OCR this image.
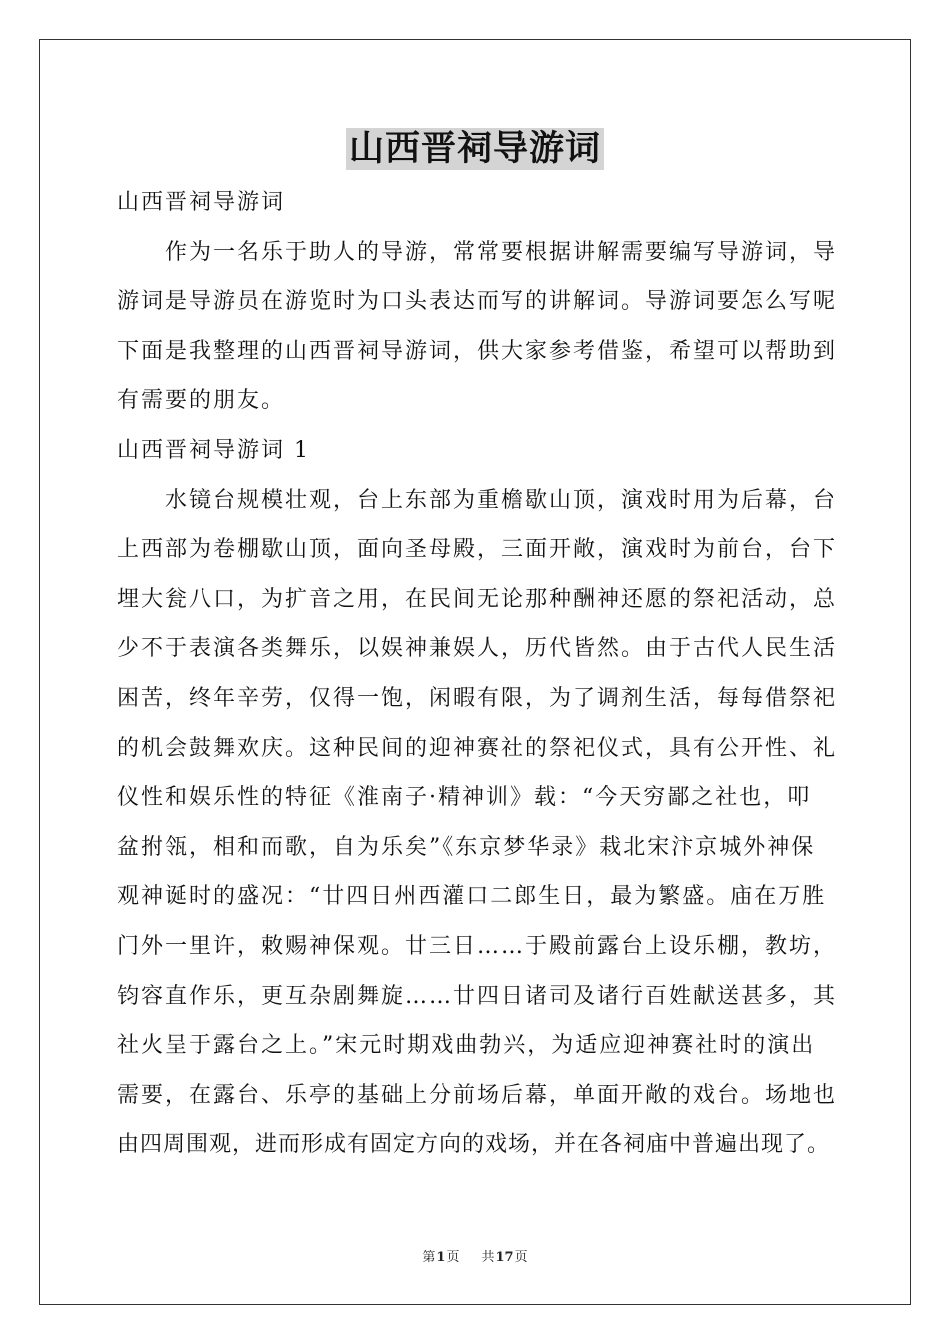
山西晋祠导游词
山西晋祠导游词
作为一名乐于助人的导游，常常要根据讲解需要编写导游词，导
游词是导游员在游览时为口头表达而写的讲解词。导游词要怎么写呢
下面是我整理的山西晋祠导游词，供大家参考借鉴，希望可以帮助到
有需要的朋友。
山西晋祠导游词 1
水镜台规模壮观，台上东部为重檐歇山顶，演戏时用为后幕，台
上西部为卷棚歇山顶，面向圣母殿，三面开敞，演戏时为前台，台下
埋大瓮八口，为扩音之用，在民间无论那种酬神还愿的祭祀活动，总
少不于表演各类舞乐，以娱神兼娱人，历代皆然。由于古代人民生活
困苦，终年辛劳，仅得一饱，闲暇有限，为了调剂生活，每每借祭祀
的机会鼓舞欢庆。这种民间的迎神赛社的祭祀仪式，具有公开性、礼
仪性和娱乐性的特征《淮南子·精神训》载：“今天穷鄙之社也，叩
盆拊瓴，相和而歌，自为乐矣”《东京梦华录》栽北宋汴京城外神保
观神诞时的盛况：“廿四日州西灌口二郎生日，最为繁盛。庙在万胜
门外一里许，敕赐神保观。廿三日……于殿前露台上设乐棚，教坊，
钧容直作乐，更互杂剧舞旋……廿四日诸司及诸行百姓献送甚多，其
社火呈于露台之上。”宋元时期戏曲勃兴，为适应迎神赛社时的演出
需要，在露台、乐亭的基础上分前场后幕，单面开敞的戏台。场地也
由四周围观，进而形成有固定方向的戏场，并在各祠庙中普遍出现了。
第1页 共17页
